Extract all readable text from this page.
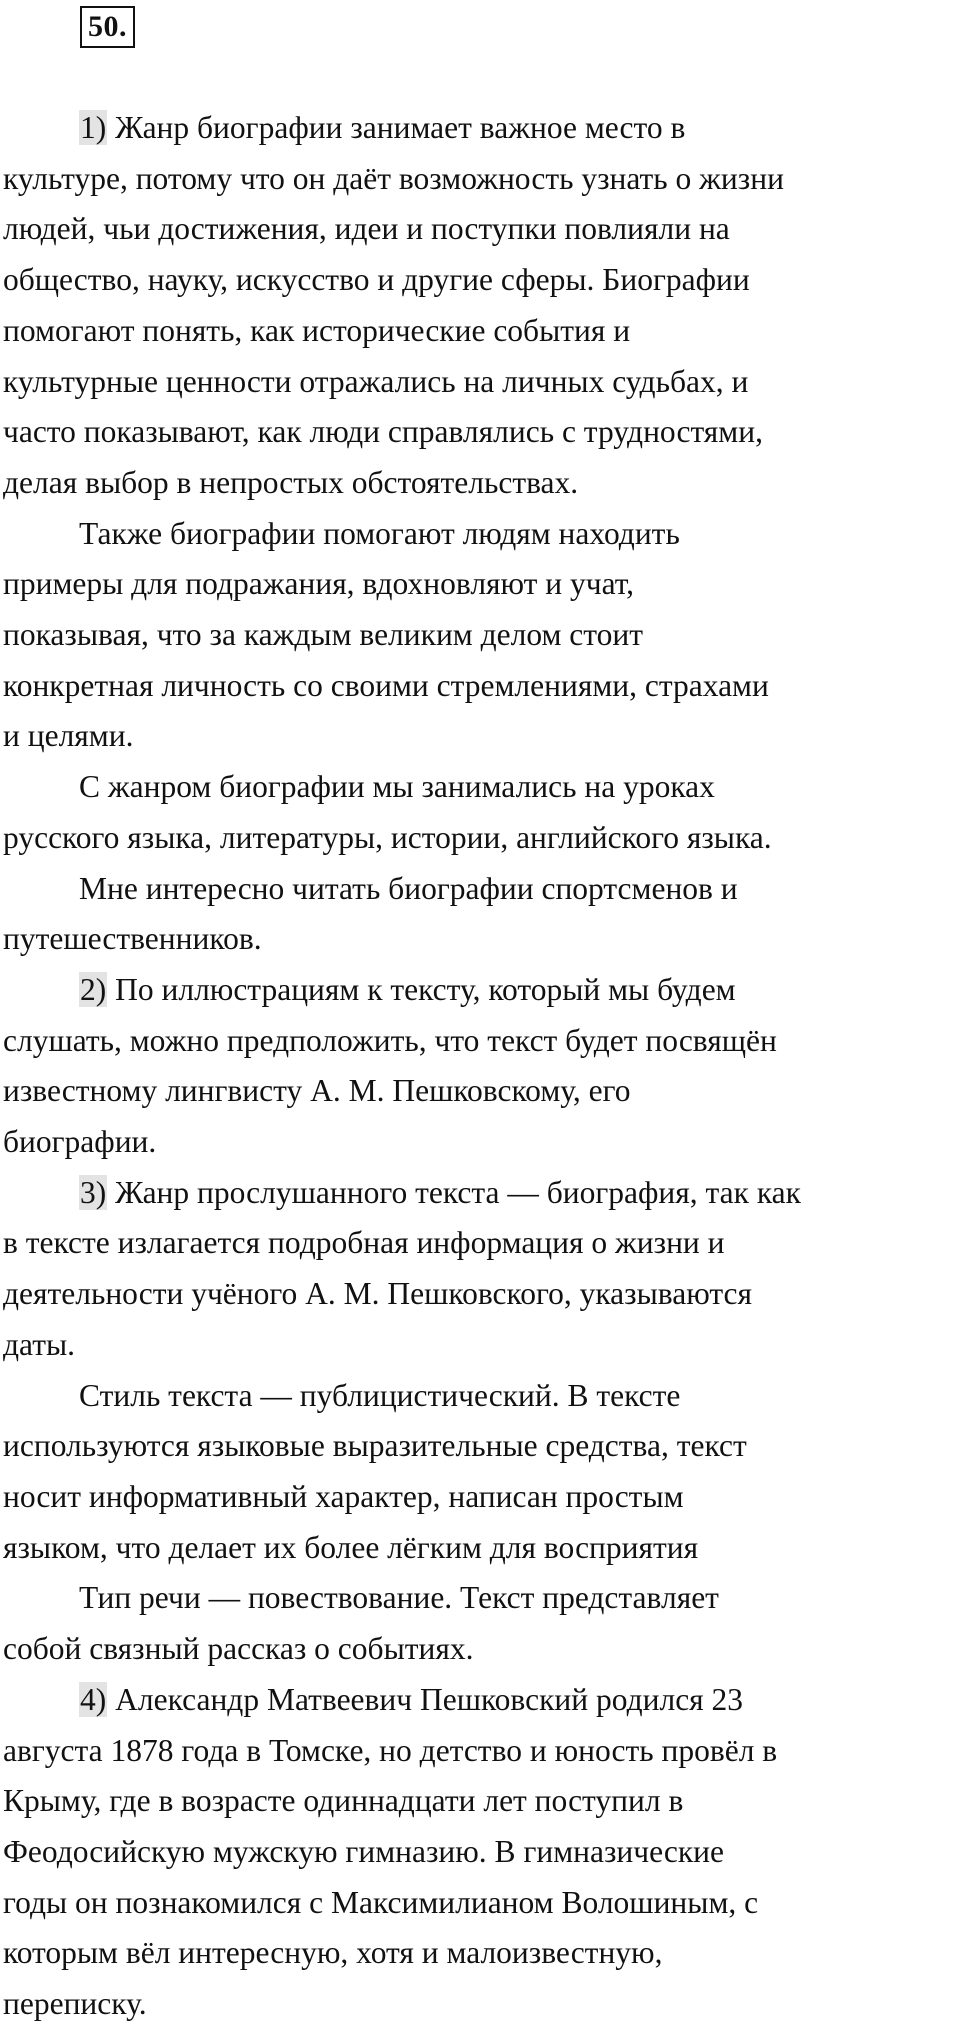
50.
1) Жанр биографии занимает важное место в
культуре, потому что он даёт возможность узнать о жизни
людей, чьи достижения, идеи и поступки повлияли на
общество, науку, искусство и другие сферы. Биографии
помогают понять, как исторические события и
культурные ценности отражались на личных судьбах, и
часто показывают, как люди справлялись с трудностями,
делая выбор в непростых обстоятельствах.
Также биографии помогают людям находить
примеры для подражания, вдохновляют и учат,
показывая, что за каждым великим делом стоит
конкретная личность со своими стремлениями, страхами
и целями.
С жанром биографии мы занимались на уроках
русского языка, литературы, истории, английского языка.
Мне интересно читать биографии спортсменов и
путешественников.
2) По иллюстрациям к тексту, который мы будем
слушать, можно предположить, что текст будет посвящён
известному лингвисту А. М. Пешковскому, его
биографии.
3) Жанр прослушанного текста — биография, так как
в тексте излагается подробная информация о жизни и
деятельности учёного А. М. Пешковского, указываются
даты.
Стиль текста — публицистический. В тексте
используются языковые выразительные средства, текст
носит информативный характер, написан простым
языком, что делает их более лёгким для восприятия
Тип речи — повествование. Текст представляет
собой связный рассказ о событиях.
4) Александр Матвеевич Пешковский родился 23
августа 1878 года в Томске, но детство и юность провёл в
Крыму, где в возрасте одиннадцати лет поступил в
Феодосийскую мужскую гимназию. В гимназические
годы он познакомился с Максимилианом Волошиным, с
которым вёл интересную, хотя и малоизвестную,
переписку.
